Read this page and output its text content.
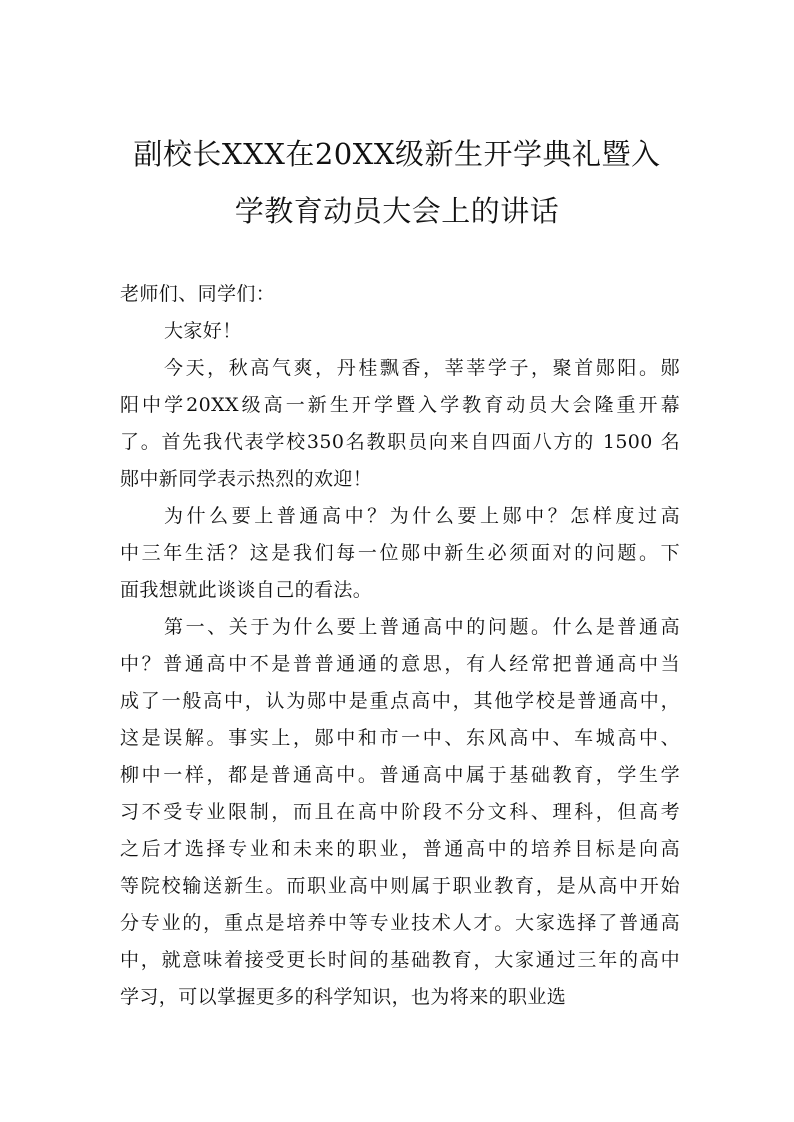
副校长XXX在20XX级新生开学典礼暨入
学教育动员大会上的讲话
老师们、同学们：
大家好！
今天，秋高气爽，丹桂飘香，莘莘学子，聚首郧阳。郧
阳中学20XX级高一新生开学暨入学教育动员大会隆重开幕
了。首先我代表学校350名教职员向来自四面八方的 1500 名
郧中新同学表示热烈的欢迎！
为什么要上普通高中？为什么要上郧中？怎样度过高
中三年生活？这是我们每一位郧中新生必须面对的问题。下
面我想就此谈谈自己的看法。
第一、关于为什么要上普通高中的问题。什么是普通高
中？普通高中不是普普通通的意思，有人经常把普通高中当
成了一般高中，认为郧中是重点高中，其他学校是普通高中，
这是误解。事实上，郧中和市一中、东风高中、车城高中、
柳中一样，都是普通高中。普通高中属于基础教育，学生学
习不受专业限制，而且在高中阶段不分文科、理科，但高考
之后才选择专业和未来的职业，普通高中的培养目标是向高
等院校输送新生。而职业高中则属于职业教育，是从高中开始
分专业的，重点是培养中等专业技术人才。大家选择了普通高
中，就意味着接受更长时间的基础教育，大家通过三年的高中
学习，可以掌握更多的科学知识，也为将来的职业选
